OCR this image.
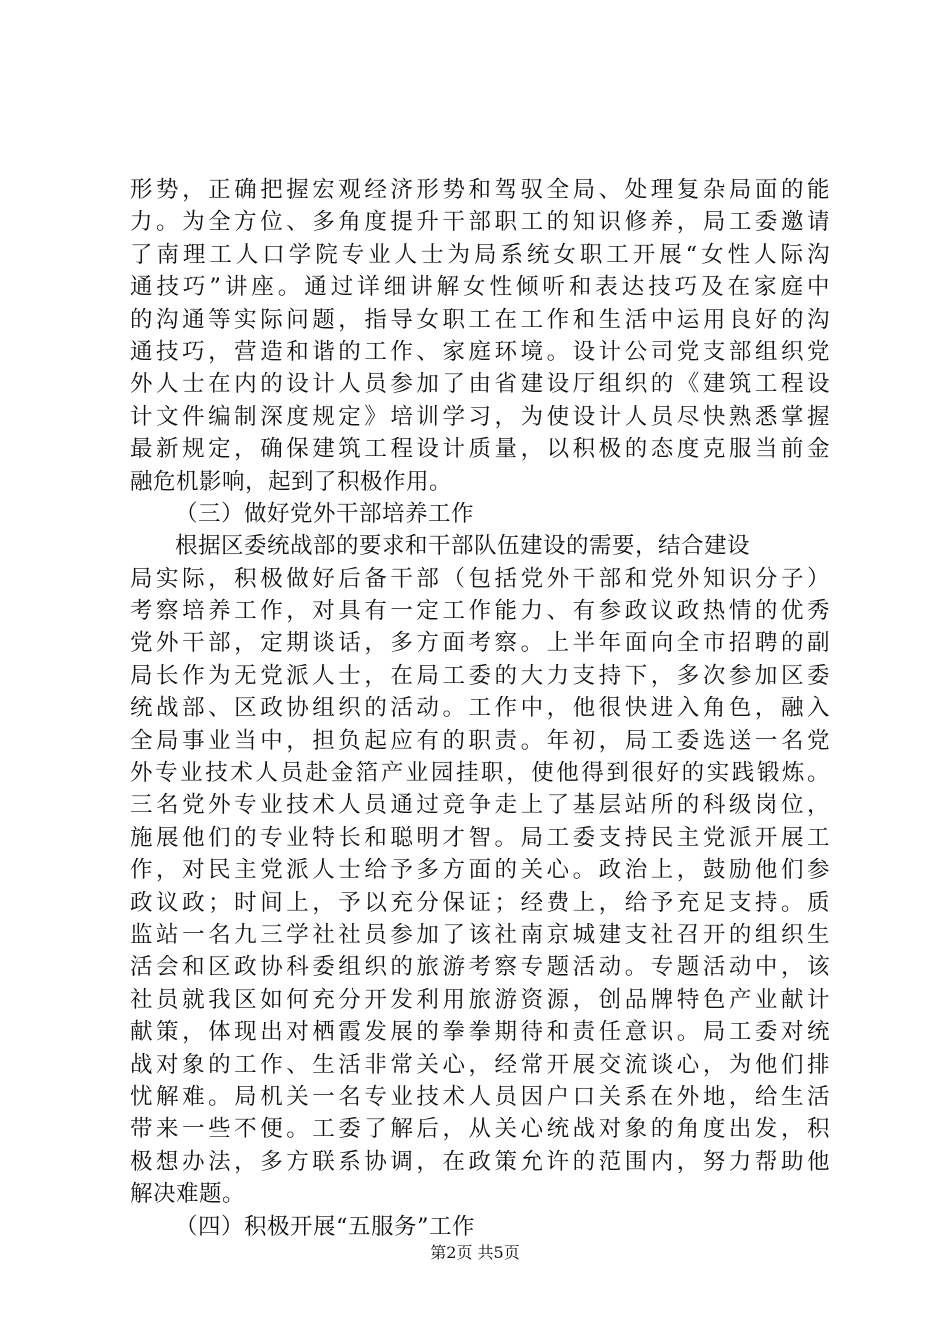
形势，正确把握宏观经济形势和驾驭全局、处理复杂局面的能
力。为全方位、多角度提升干部职工的知识修养，局工委邀请
了南理工人口学院专业人士为局系统女职工开展“女性人际沟
通技巧”讲座。通过详细讲解女性倾听和表达技巧及在家庭中
的沟通等实际问题，指导女职工在工作和生活中运用良好的沟
通技巧，营造和谐的工作、家庭环境。设计公司党支部组织党
外人士在内的设计人员参加了由省建设厅组织的《建筑工程设
计文件编制深度规定》培训学习，为使设计人员尽快熟悉掌握
最新规定，确保建筑工程设计质量，以积极的态度克服当前金
融危机影响，起到了积极作用。
（三）做好党外干部培养工作
根据区委统战部的要求和干部队伍建设的需要，结合建设
局实际，积极做好后备干部（包括党外干部和党外知识分子）
考察培养工作，对具有一定工作能力、有参政议政热情的优秀
党外干部，定期谈话，多方面考察。上半年面向全市招聘的副
局长作为无党派人士，在局工委的大力支持下，多次参加区委
统战部、区政协组织的活动。工作中，他很快进入角色，融入
全局事业当中，担负起应有的职责。年初，局工委选送一名党
外专业技术人员赴金箔产业园挂职，使他得到很好的实践锻炼。
三名党外专业技术人员通过竞争走上了基层站所的科级岗位，
施展他们的专业特长和聪明才智。局工委支持民主党派开展工
作，对民主党派人士给予多方面的关心。政治上，鼓励他们参
政议政；时间上，予以充分保证；经费上，给予充足支持。质
监站一名九三学社社员参加了该社南京城建支社召开的组织生
活会和区政协科委组织的旅游考察专题活动。专题活动中，该
社员就我区如何充分开发利用旅游资源，创品牌特色产业献计
献策，体现出对栖霞发展的拳拳期待和责任意识。局工委对统
战对象的工作、生活非常关心，经常开展交流谈心，为他们排
忧解难。局机关一名专业技术人员因户口关系在外地，给生活
带来一些不便。工委了解后，从关心统战对象的角度出发，积
极想办法，多方联系协调，在政策允许的范围内，努力帮助他
解决难题。
（四）积极开展“五服务”工作
第2页 共5页
